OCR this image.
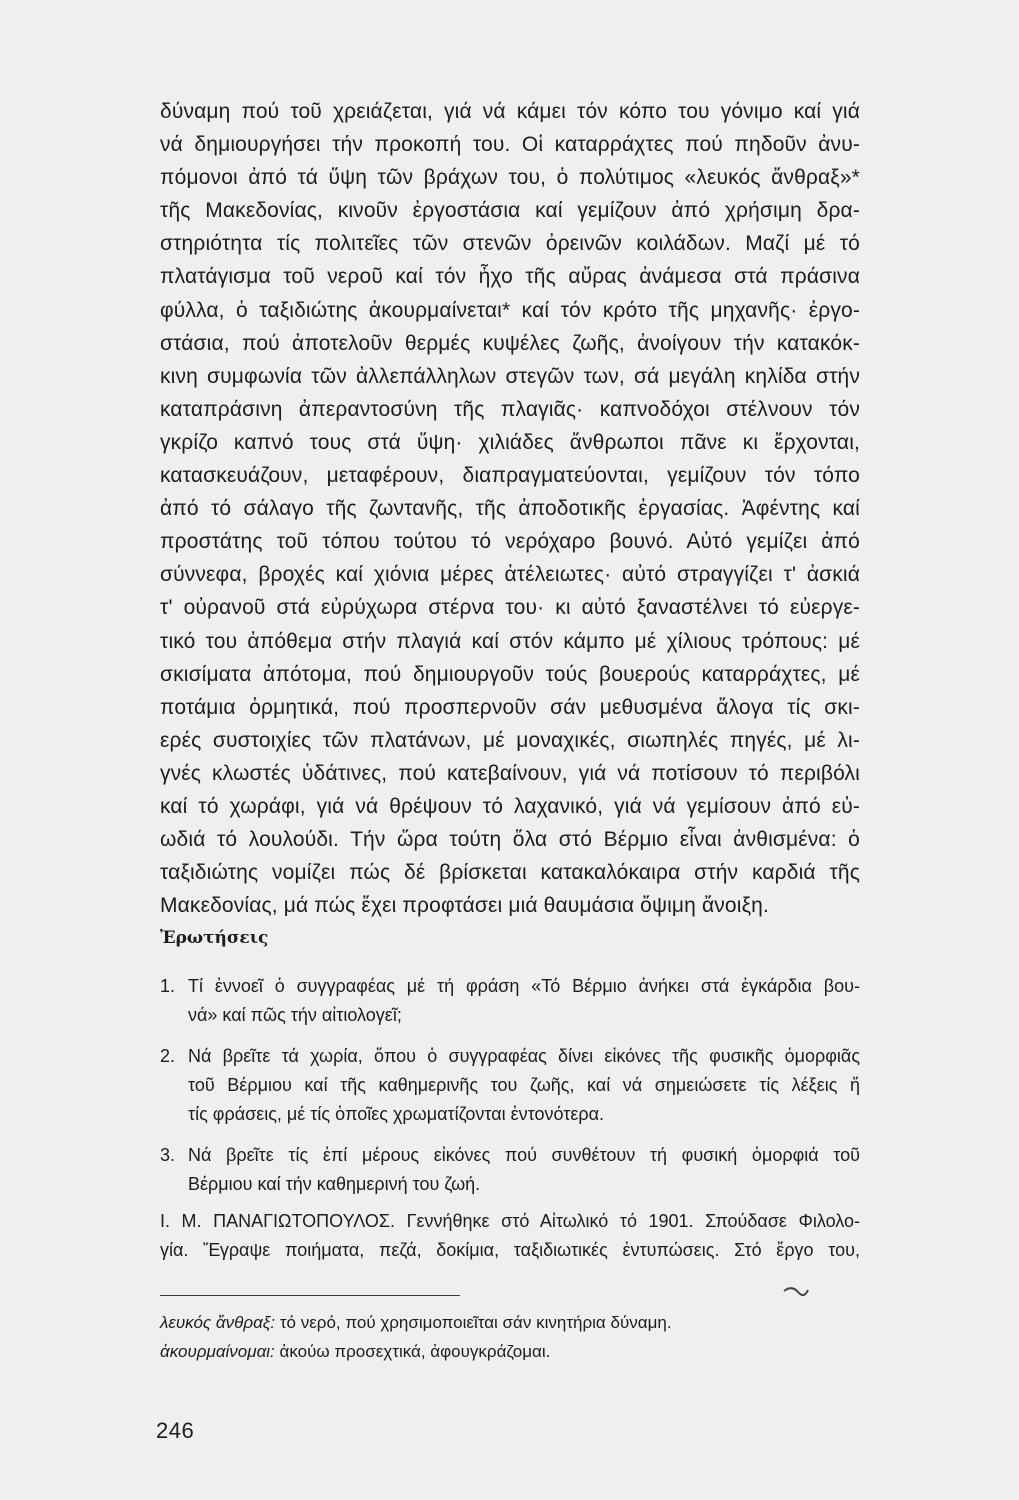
δύναμη πού τοῦ χρειάζεται, γιά νά κάμει τόν κόπο του γόνιμο καί γιά
νά δημιουργήσει τήν προκοπή του. Οἱ καταρράχτες πού πηδοῦν ἀνυ-
πόμονοι ἀπό τά ὕψη τῶν βράχων του, ὁ πολύτιμος «λευκός ἄνθραξ»*
τῆς Μακεδονίας, κινοῦν ἐργοστάσια καί γεμίζουν ἀπό χρήσιμη δρα-
στηριότητα τίς πολιτεῖες τῶν στενῶν ὀρεινῶν κοιλάδων. Μαζί μέ τό
πλατάγισμα τοῦ νεροῦ καί τόν ἦχο τῆς αὔρας ἀνάμεσα στά πράσινα
φύλλα, ὁ ταξιδιώτης ἀκουρμαίνεται* καί τόν κρότο τῆς μηχανῆς· ἐργο-
στάσια, πού ἀποτελοῦν θερμές κυψέλες ζωῆς, ἀνοίγουν τήν κατακόκ-
κινη συμφωνία τῶν ἀλλεπάλληλων στεγῶν των, σά μεγάλη κηλίδα στήν
καταπράσινη ἀπεραντοσύνη τῆς πλαγιᾶς· καπνοδόχοι στέλνουν τόν
γκρίζο καπνό τους στά ὕψη· χιλιάδες ἄνθρωποι πᾶνε κι ἔρχονται,
κατασκευάζουν, μεταφέρουν, διαπραγματεύονται, γεμίζουν τόν τόπο
ἀπό τό σάλαγο τῆς ζωντανῆς, τῆς ἀποδοτικῆς ἐργασίας. Ἀφέντης καί
προστάτης τοῦ τόπου τούτου τό νερόχαρο βουνό. Αὐτό γεμίζει ἀπό
σύννεφα, βροχές καί χιόνια μέρες ἀτέλειωτες· αὐτό στραγγίζει τ' ἀσκιά
τ' οὐρανοῦ στά εὐρύχωρα στέρνα του· κι αὐτό ξαναστέλνει τό εὐεργε-
τικό του ἀπόθεμα στήν πλαγιά καί στόν κάμπο μέ χίλιους τρόπους: μέ
σκισίματα ἀπότομα, πού δημιουργοῦν τούς βουερούς καταρράχτες, μέ
ποτάμια ὁρμητικά, πού προσπερνοῦν σάν μεθυσμένα ἄλογα τίς σκι-
ερές συστοιχίες τῶν πλατάνων, μέ μοναχικές, σιωπηλές πηγές, μέ λι-
γνές κλωστές ὑδάτινες, πού κατεβαίνουν, γιά νά ποτίσουν τό περιβόλι
καί τό χωράφι, γιά νά θρέψουν τό λαχανικό, γιά νά γεμίσουν ἀπό εὐ-
ωδιά τό λουλούδι. Τήν ὥρα τούτη ὅλα στό Βέρμιο εἶναι ἀνθισμένα: ὁ
ταξιδιώτης νομίζει πώς δέ βρίσκεται κατακαλόκαιρα στήν καρδιά τῆς
Μακεδονίας, μά πώς ἔχει προφτάσει μιά θαυμάσια ὄψιμη ἄνοιξη.
Ἐρωτήσεις
1. Τί ἐννοεῖ ὁ συγγραφέας μέ τή φράση «Τό Βέρμιο ἀνήκει στά ἐγκάρδια βου-
νά» καί πῶς τήν αἰτιολογεῖ;
2. Νά βρεῖτε τά χωρία, ὅπου ὁ συγγραφέας δίνει εἰκόνες τῆς φυσικῆς ὀμορφιᾶς
τοῦ Βέρμιου καί τῆς καθημερινῆς του ζωῆς, καί νά σημειώσετε τίς λέξεις ἤ
τίς φράσεις, μέ τίς ὁποῖες χρωματίζονται ἐντονότερα.
3. Νά βρεῖτε τίς ἐπί μέρους εἰκόνες πού συνθέτουν τή φυσική ὀμορφιά τοῦ
Βέρμιου καί τήν καθημερινή του ζωή.
Ι. Μ. ΠΑΝΑΓΙΩΤΟΠΟΥΛΟΣ. Γεννήθηκε στό Αἰτωλικό τό 1901. Σπούδασε Φιλολο-
γία. Ἔγραψε ποιήματα, πεζά, δοκίμια, ταξιδιωτικές ἐντυπώσεις. Στό ἔργο του,
λευκός ἄνθραξ: τό νερό, πού χρησιμοποιεῖται σάν κινητήρια δύναμη.
ἀκουρμαίνομαι: ἀκούω προσεχτικά, ἀφουγκράζομαι.
246
